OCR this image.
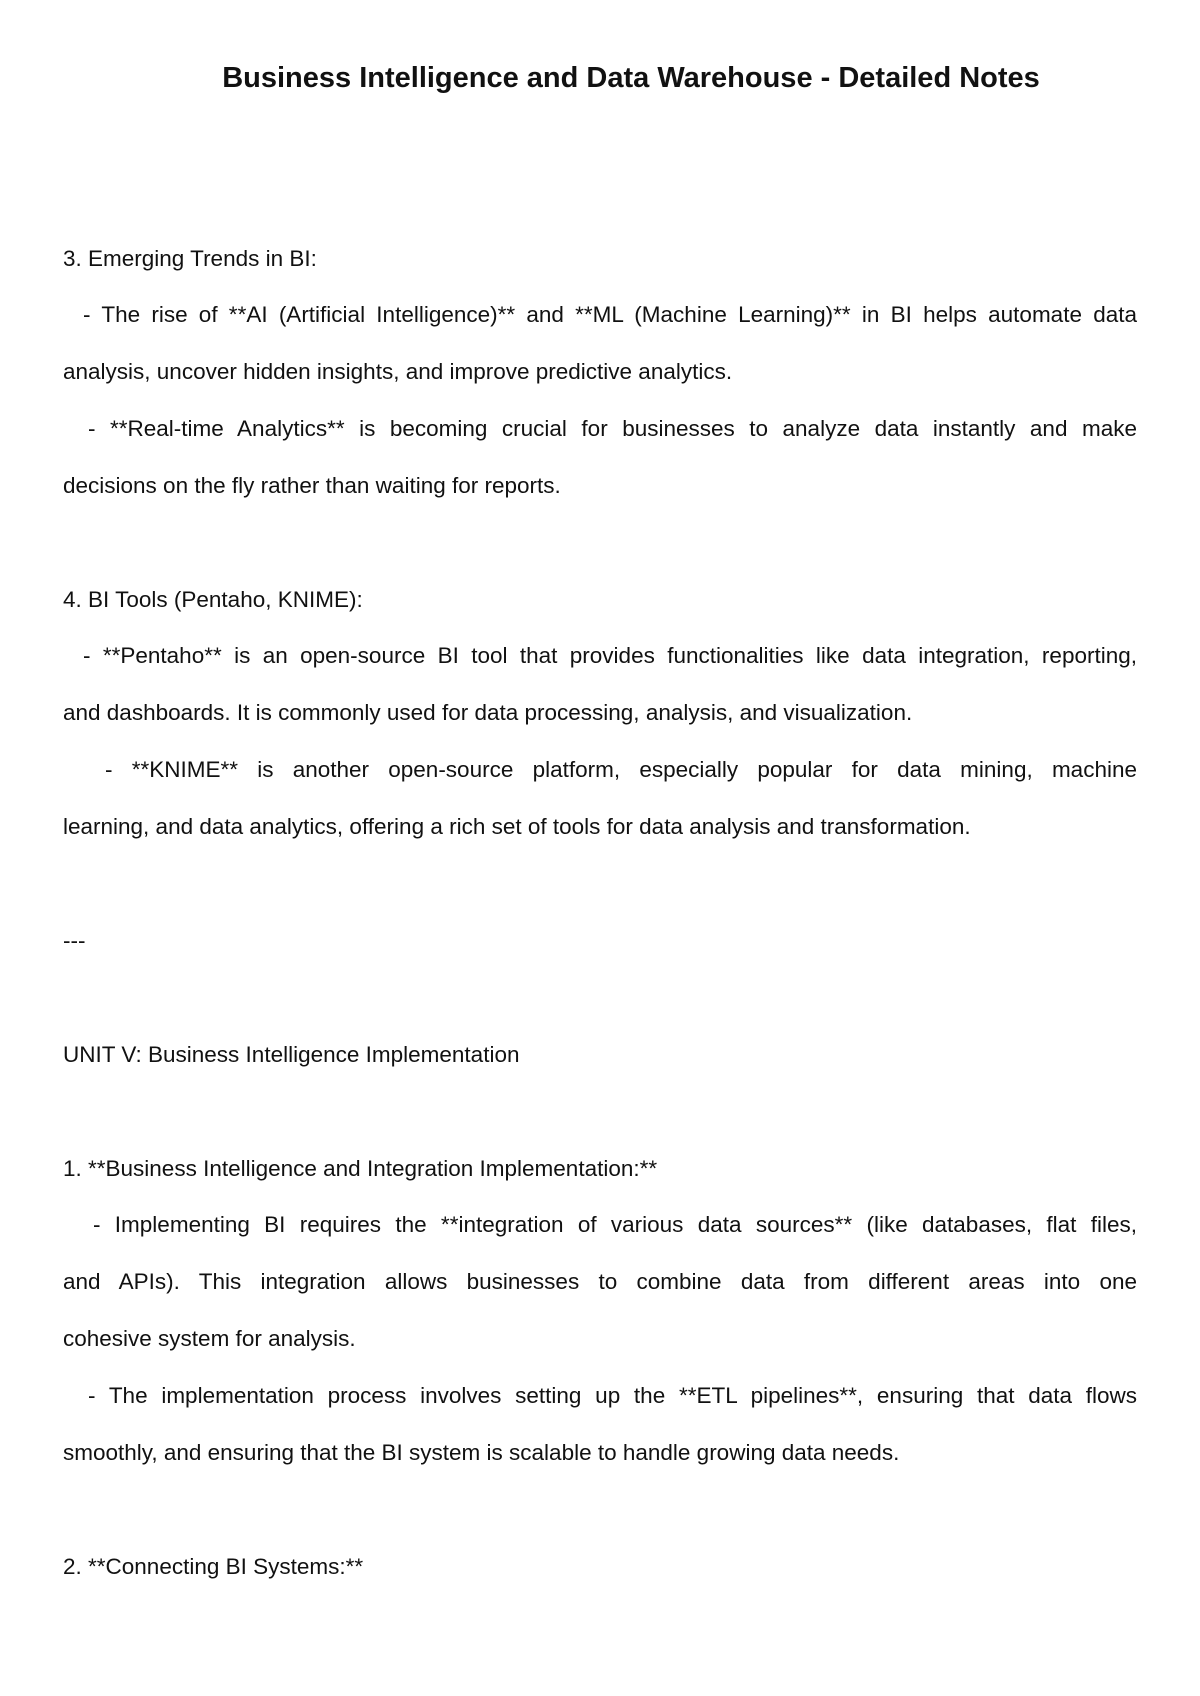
Business Intelligence and Data Warehouse - Detailed Notes

3. Emerging Trends in BI:

- The rise of **AI (Artificial Intelligence)** and **ML (Machine Learning)** in BI helps automate data

analysis, uncover hidden insights, and improve predictive analytics.

- **Real-time Analytics** is becoming crucial for businesses to analyze data instantly and make

decisions on the fly rather than waiting for reports.

4. BI Tools (Pentaho, KNIME):

- **Pentaho** is an open-source BI tool that provides functionalities like data integration, reporting,

and dashboards. It is commonly used for data processing, analysis, and visualization.

- **KNIME** is another open-source platform, especially popular for data mining, machine

learning, and data analytics, offering a rich set of tools for data analysis and transformation.

---

UNIT V: Business Intelligence Implementation

1. **Business Intelligence and Integration Implementation:**

- Implementing BI requires the **integration of various data sources** (like databases, flat files,

and APIs). This integration allows businesses to combine data from different areas into one

cohesive system for analysis.

- The implementation process involves setting up the **ETL pipelines**, ensuring that data flows

smoothly, and ensuring that the BI system is scalable to handle growing data needs.

2. **Connecting BI Systems:**
